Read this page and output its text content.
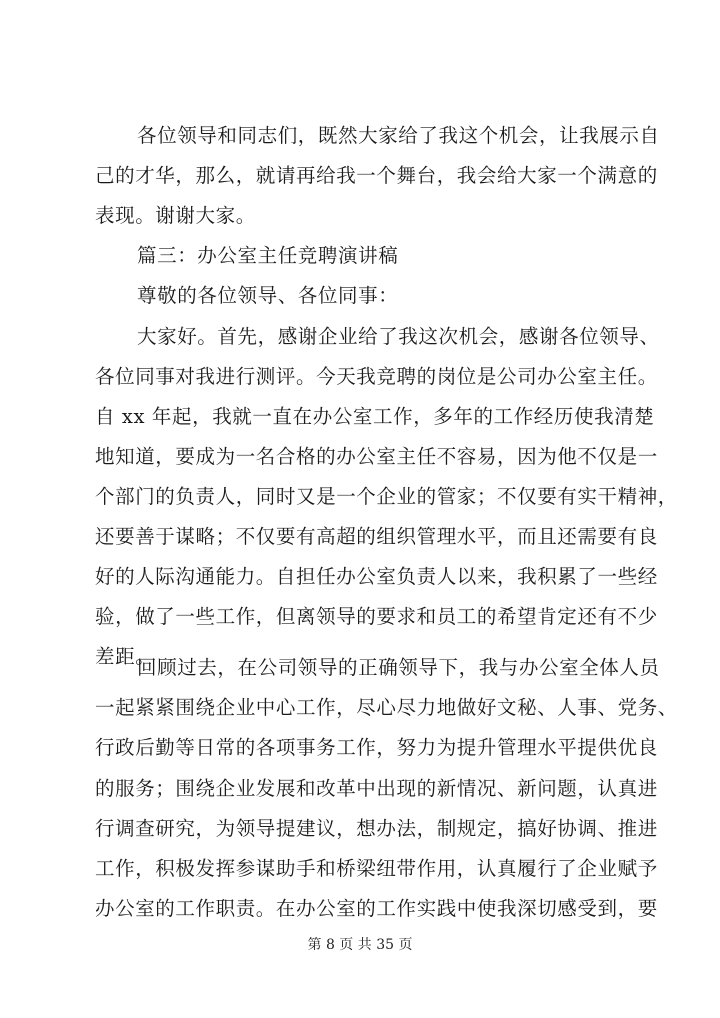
各位领导和同志们，既然大家给了我这个机会，让我展示自
己的才华，那么，就请再给我一个舞台，我会给大家一个满意的
表现。谢谢大家。
篇三：办公室主任竞聘演讲稿
尊敬的各位领导、各位同事：
大家好。首先，感谢企业给了我这次机会，感谢各位领导、
各位同事对我进行测评。今天我竞聘的岗位是公司办公室主任。
自 xx 年起，我就一直在办公室工作，多年的工作经历使我清楚
地知道，要成为一名合格的办公室主任不容易，因为他不仅是一
个部门的负责人，同时又是一个企业的管家；不仅要有实干精神，
还要善于谋略；不仅要有高超的组织管理水平，而且还需要有良
好的人际沟通能力。自担任办公室负责人以来，我积累了一些经
验，做了一些工作，但离领导的要求和员工的希望肯定还有不少
差距。
回顾过去，在公司领导的正确领导下，我与办公室全体人员
一起紧紧围绕企业中心工作，尽心尽力地做好文秘、人事、党务、
行政后勤等日常的各项事务工作，努力为提升管理水平提供优良
的服务；围绕企业发展和改革中出现的新情况、新问题，认真进
行调查研究，为领导提建议，想办法，制规定，搞好协调、推进
工作，积极发挥参谋助手和桥梁纽带作用，认真履行了企业赋予
办公室的工作职责。在办公室的工作实践中使我深切感受到，要
第 8 页 共 35 页
